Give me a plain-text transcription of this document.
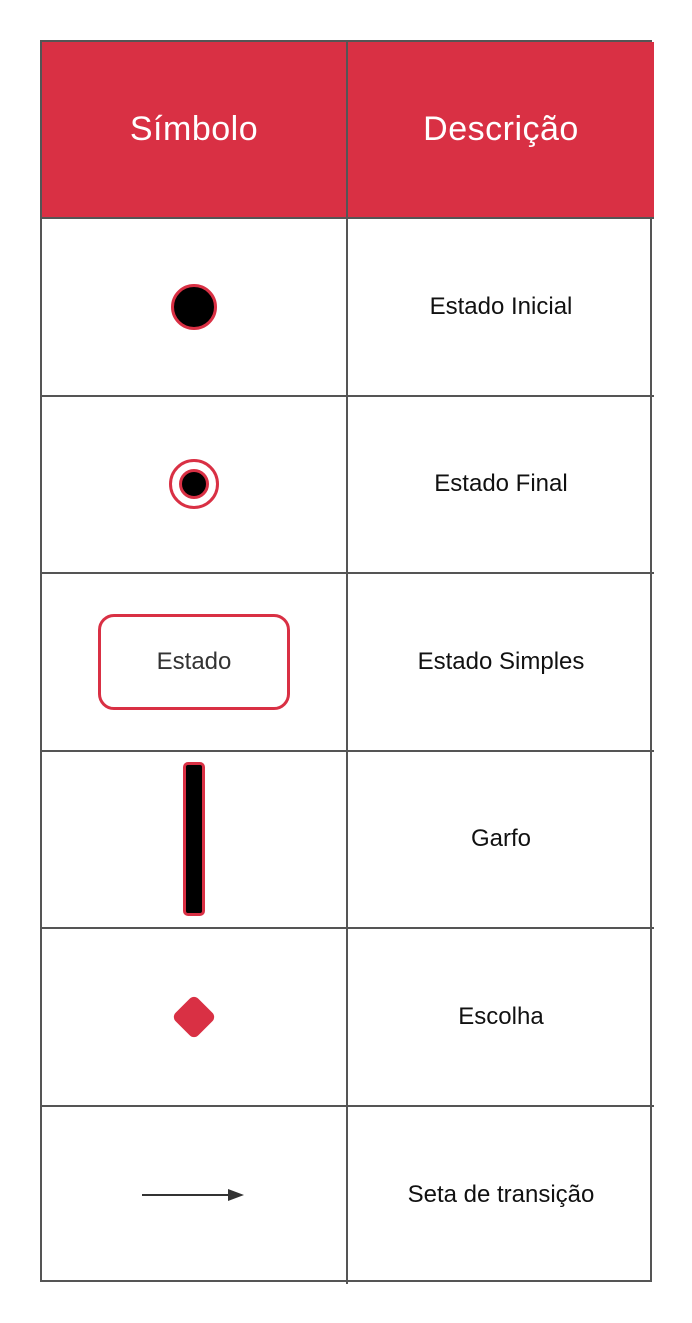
Símbolo	Descrição
Estado Inicial
Estado Final
Estado	Estado Simples
Garfo
Escolha
Seta de transição
